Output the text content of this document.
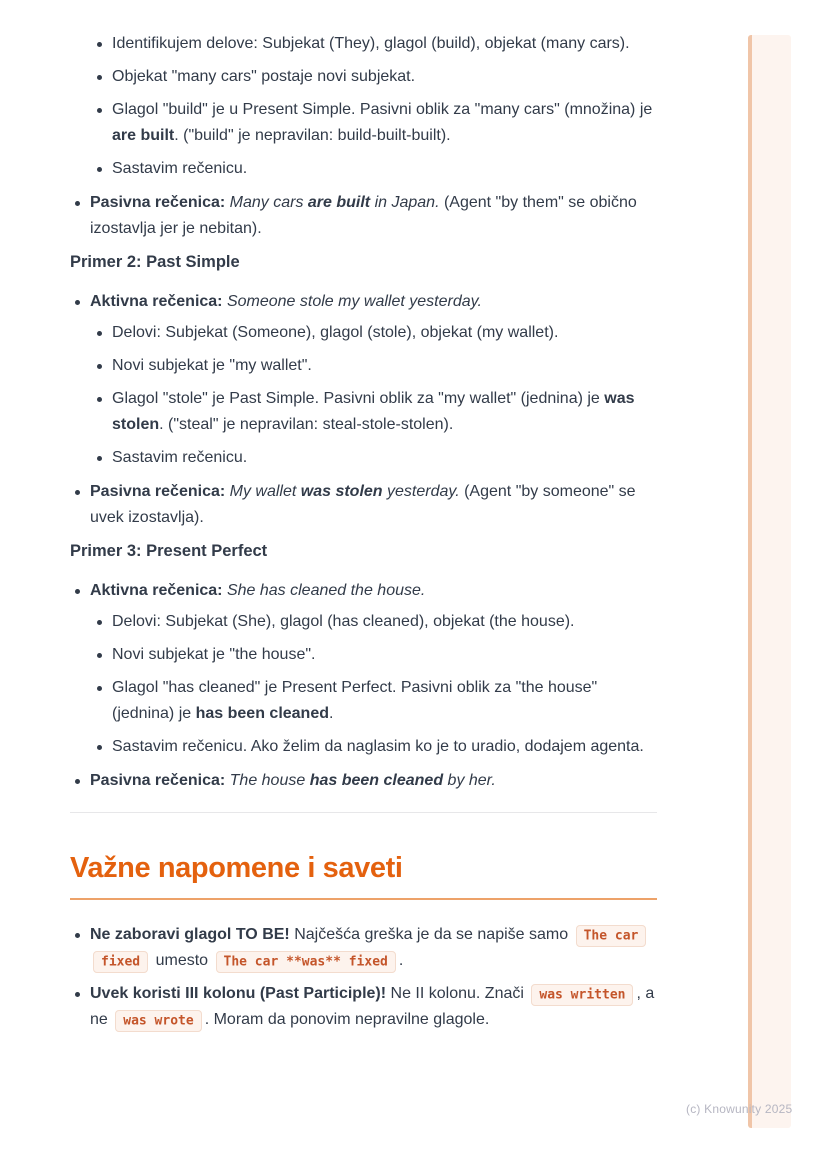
Identifikujem delove: Subjekat (They), glagol (build), objekat (many cars).
Objekat "many cars" postaje novi subjekat.
Glagol "build" je u Present Simple. Pasivni oblik za "many cars" (množina) je are built. ("build" je nepravilan: build-built-built).
Sastavim rečenicu.
Pasivna rečenica: Many cars are built in Japan. (Agent "by them" se obično izostavlja jer je nebitan).
Primer 2: Past Simple
Aktivna rečenica: Someone stole my wallet yesterday.
Delovi: Subjekat (Someone), glagol (stole), objekat (my wallet).
Novi subjekat je "my wallet".
Glagol "stole" je Past Simple. Pasivni oblik za "my wallet" (jednina) je was stolen. ("steal" je nepravilan: steal-stole-stolen).
Sastavim rečenicu.
Pasivna rečenica: My wallet was stolen yesterday. (Agent "by someone" se uvek izostavlja).
Primer 3: Present Perfect
Aktivna rečenica: She has cleaned the house.
Delovi: Subjekat (She), glagol (has cleaned), objekat (the house).
Novi subjekat je "the house".
Glagol "has cleaned" je Present Perfect. Pasivni oblik za "the house" (jednina) je has been cleaned.
Sastavim rečenicu. Ako želim da naglasim ko je to uradio, dodajem agenta.
Pasivna rečenica: The house has been cleaned by her.
Važne napomene i saveti
Ne zaboravi glagol TO BE! Najčešća greška je da se napiše samo The car fixed umesto The car **was** fixed .
Uvek koristi III kolonu (Past Participle)! Ne II kolonu. Znači was written , a ne was wrote . Moram da ponovim nepravilne glagole.
(c) Knowunity 2025
